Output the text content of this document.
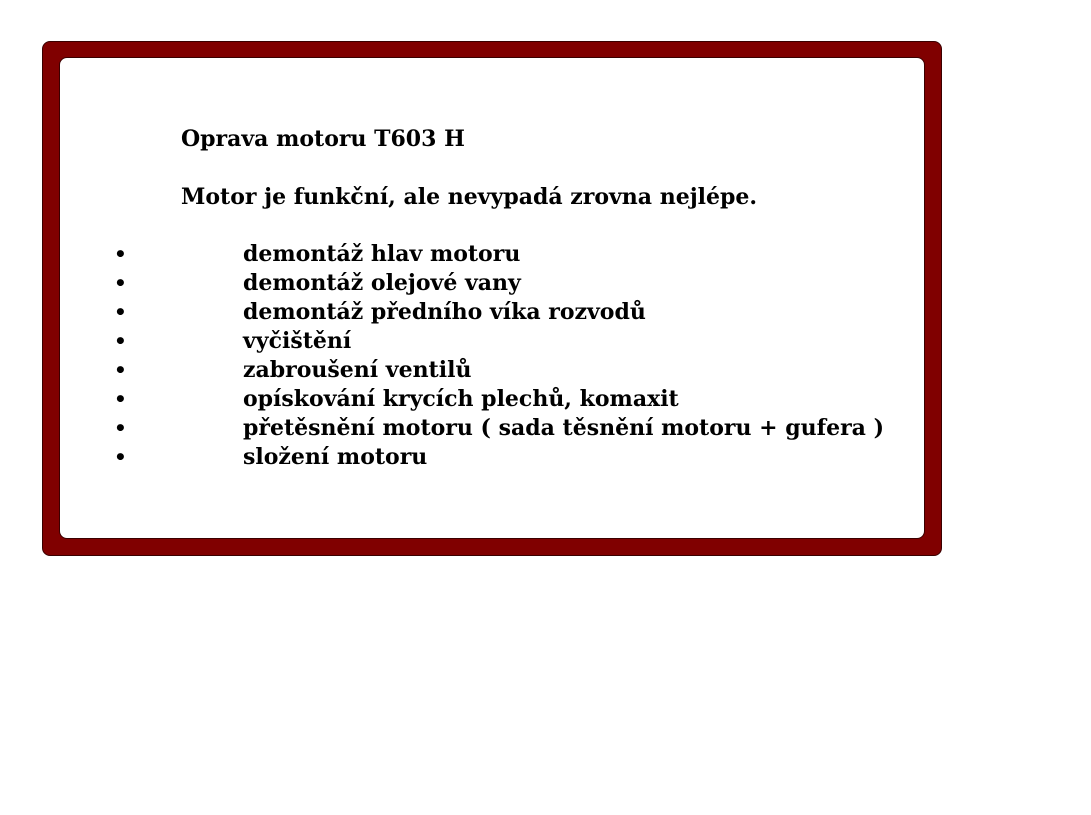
Oprava motoru T603 H

Motor je funkční, ale nevypadá zrovna nejlépe.

•	demontáž hlav motoru
•	demontáž olejové vany
•	demontáž předního víka rozvodů
•	vyčištění
•	zabroušení ventilů
•	opískování krycích plechů, komaxit
•	přetěsnění motoru ( sada těsnění motoru + gufera )
•	složení motoru
